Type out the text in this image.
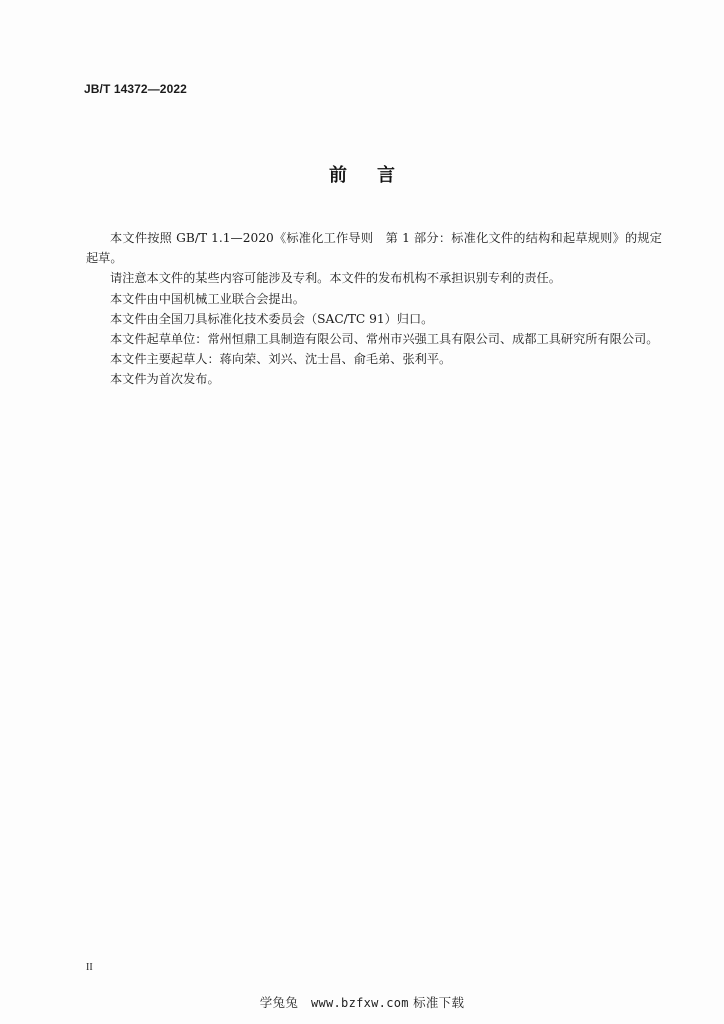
JB/T 14372—2022
前 言

本文件按照 GB/T 1.1—2020《标准化工作导则　第 1 部分：标准化文件的结构和起草规则》的规定起草。

请注意本文件的某些内容可能涉及专利。本文件的发布机构不承担识别专利的责任。

本文件由中国机械工业联合会提出。

本文件由全国刀具标准化技术委员会（SAC/TC 91）归口。

本文件起草单位：常州恒鼎工具制造有限公司、常州市兴强工具有限公司、成都工具研究所有限公司。

本文件主要起草人：蒋向荣、刘兴、沈士昌、俞毛弟、张利平。

本文件为首次发布。

II
学兔兔 www.bzfxw.com 标准下载
